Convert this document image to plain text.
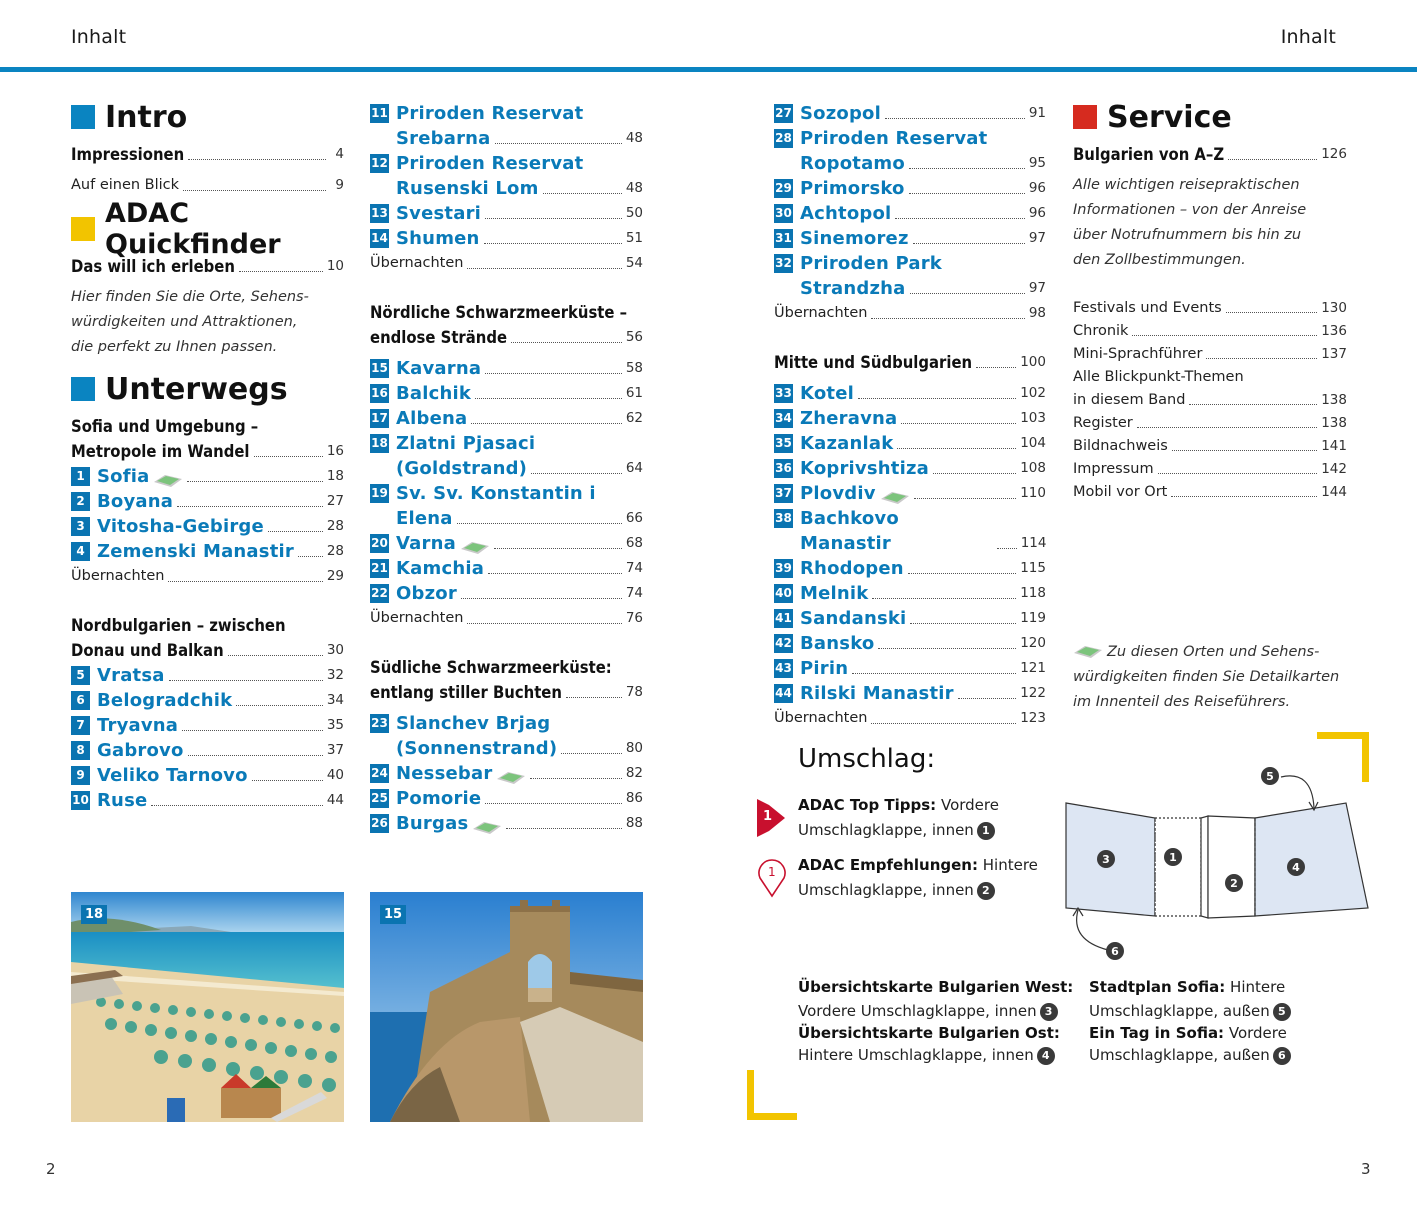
Inhalt	Inhalt
Intro
Impressionen	4
Auf einen Blick	9
ADAC Quickfinder
Das will ich erleben	10
Hier finden Sie die Orte, Sehens-
würdigkeiten und Attraktionen,
die perfekt zu Ihnen passen.
Unterwegs
Sofia und Umgebung –
Metropole im Wandel	16
1 Sofia	18
2 Boyana	27
3 Vitosha-Gebirge	28
4 Zemenski Manastir 28
Übernachten	29
Nordbulgarien – zwischen
Donau und Balkan	30
5 Vratsa	32
6 Belogradchik	34
7 Tryavna	35
8 Gabrovo	37
9 Veliko Tarnovo	40
10 Ruse	44
11 Priroden Reservat
Srebarna	48
12 Priroden Reservat
Rusenski Lom	48
13 Svestari	50
14 Shumen	51
Übernachten	54
Nördliche Schwarzmeerküste –
endlose Strände	56
15 Kavarna	58
16 Balchik	61
17 Albena	62
18 Zlatni Pjasaci
(Goldstrand)	64
19 Sv. Sv. Konstantin i
Elena	66
20 Varna	68
21 Kamchia	74
22 Obzor	74
Übernachten	76
Südliche Schwarzmeerküste:
entlang stiller Buchten	78
23 Slanchev Brjag
(Sonnenstrand)	80
24 Nessebar	82
25 Pomorie	86
26 Burgas	88
18	15
27 Sozopol	91
28 Priroden Reservat
Ropotamo	95
29 Primorsko	96
30 Achtopol	96
31 Sinemorez	97
32 Priroden Park
Strandzha	97
Übernachten	98
Mitte und Südbulgarien	100
33 Kotel	102
34 Zheravna	103
35 Kazanlak	104
36 Koprivshtiza	108
37 Plovdiv	110
38 Bachkovo Manastir	114
39 Rhodopen	115
40 Melnik	118
41 Sandanski	119
42 Bansko	120
43 Pirin	121
44 Rilski Manastir	122
Übernachten	123
Service
Bulgarien von A–Z	126
Alle wichtigen reisepraktischen
Informationen – von der Anreise
über Notrufnummern bis hin zu
den Zollbestimmungen.
Festivals und Events	130
Chronik	136
Mini-Sprachführer	137
Alle Blickpunkt-Themen
in diesem Band	138
Register	138
Bildnachweis	141
Impressum	142
Mobil vor Ort	144
Zu diesen Orten und Sehens-
würdigkeiten finden Sie Detailkarten
im Innenteil des Reiseführers.
Umschlag:
1
ADAC Top Tipps: Vordere
Umschlagklappe, innen 1
1 ADAC Empfehlungen: Hintere
Umschlagklappe, innen 2
1
2
3
4
5
6
Übersichtskarte Bulgarien West:
Vordere Umschlagklappe, innen 3
Übersichtskarte Bulgarien Ost:
Hintere Umschlagklappe, innen 4
Stadtplan Sofia: Hintere
Umschlagklappe, außen 5
Ein Tag in Sofia: Vordere
Umschlagklappe, außen 6
2	3
